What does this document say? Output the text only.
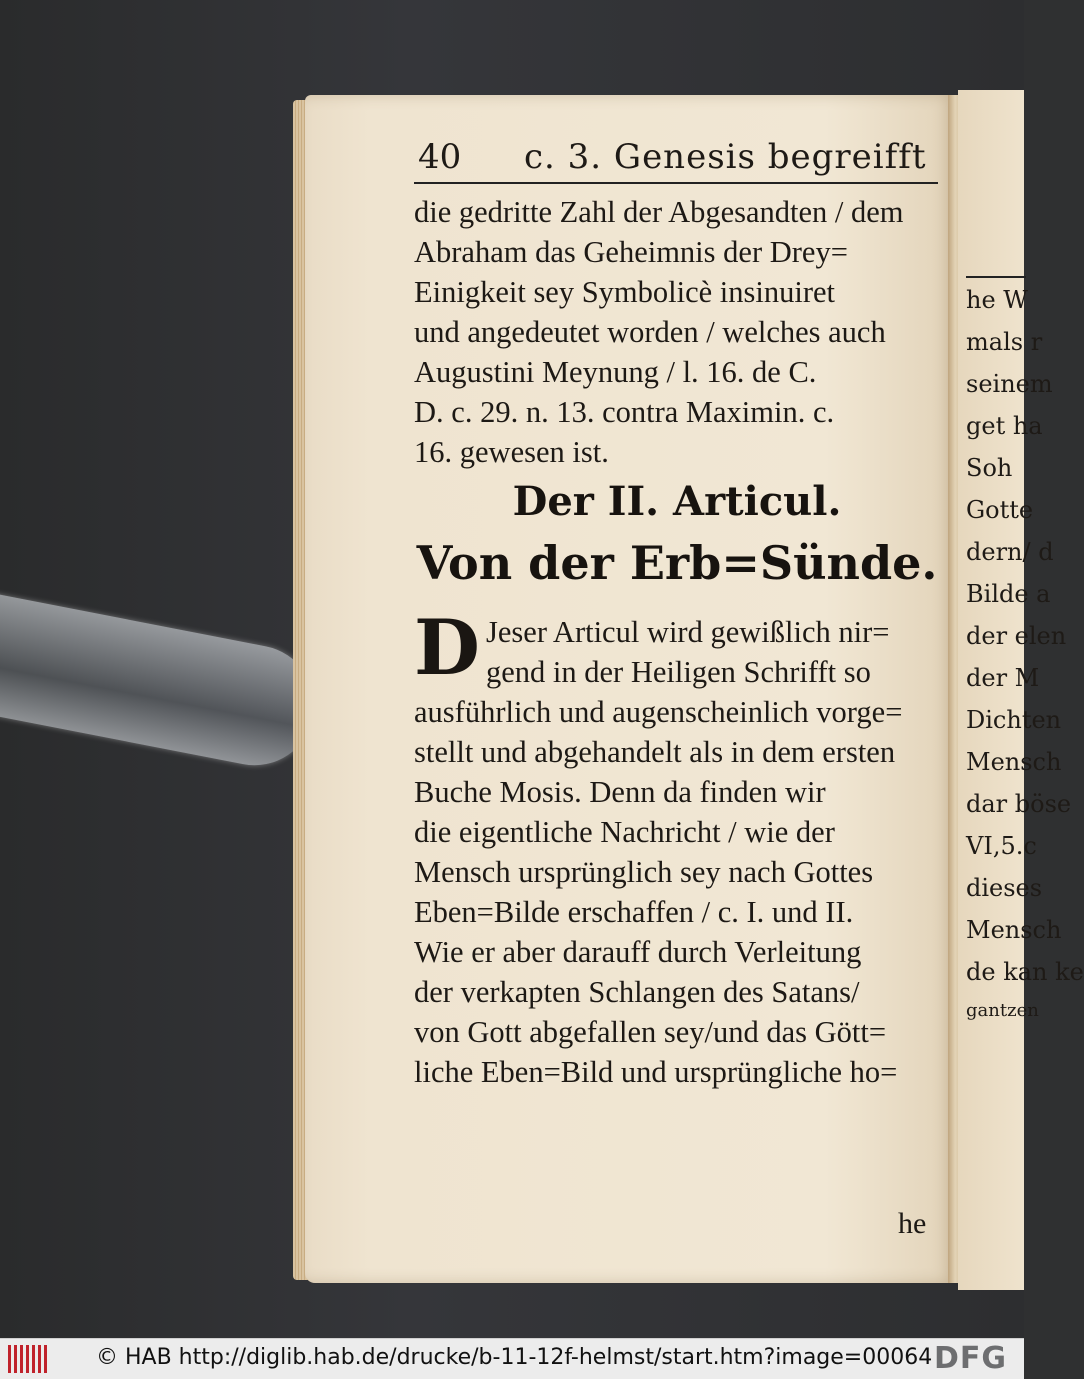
he W
mals r
seinem
get ha
Soh
Gotte
dern/ d
Bilde a
der elen
der M
Dichten
Mensch
dar böse
VI,5.c
dieses
Mensch
de kan ke
gantzen
40 c. 3. Genesis begreifft
die gedritte Zahl der Abgesandten / dem
Abraham das Geheimnis der Drey=
Einigkeit sey Symbolicè insinuiret
und angedeutet worden / welches auch
Augustini Meynung / l. 16. de C.
D. c. 29. n. 13. contra Maximin. c.
16. gewesen ist.
Der II. Articul.
Von der Erb=Sünde.
D Jeser Articul wird gewißlich nir=
gend in der Heiligen Schrifft so
ausführlich und augenscheinlich vorge=
stellt und abgehandelt als in dem ersten
Buche Mosis. Denn da finden wir
die eigentliche Nachricht / wie der
Mensch ursprünglich sey nach Gottes
Eben=Bilde erschaffen / c. I. und II.
Wie er aber darauff durch Verleitung
der verkapten Schlangen des Satans/
von Gott abgefallen sey/und das Gött=
liche Eben=Bild und ursprüngliche ho=
he
© HAB http://diglib.hab.de/drucke/b-11-12f-helmst/start.htm?image=00064 DFG
